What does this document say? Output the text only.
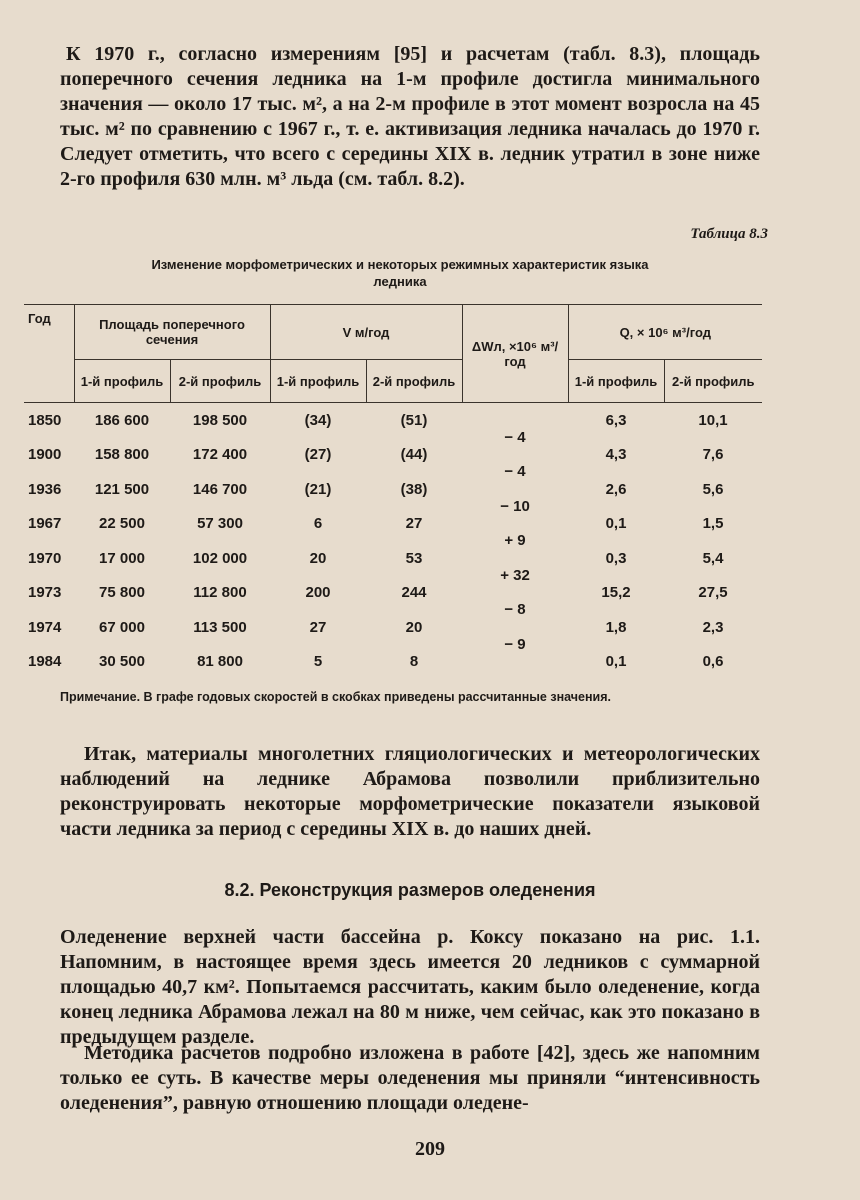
К 1970 г., согласно измерениям [95] и расчетам (табл. 8.3), площадь поперечного сечения ледника на 1-м профиле достигла минимального значения — около 17 тыс. м², а на 2-м профиле в этот момент возросла на 45 тыс. м² по сравнению с 1967 г., т. е. активизация ледника началась до 1970 г. Следует отметить, что всего с середины XIX в. ледник утратил в зоне ниже 2-го профиля 630 млн. м³ льда (см. табл. 8.2).

Таблица 8.3
Изменение морфометрических и некоторых режимных характеристик языка ледника
Год	Площадь поперечного сечения		V м/год		ΔWл, ×10⁶ м³/год	Q, × 10⁶ м³/год	
	1-й профиль	2-й профиль	1-й профиль	2-й профиль		1-й профиль	2-й профиль
1850	186 600	198 500	(34)	(51)	− 4	6,3	10,1
1900	158 800	172 400	(27)	(44)	− 4	4,3	7,6
1936	121 500	146 700	(21)	(38)	− 10	2,6	5,6
1967	22 500	57 300	6	27	+ 9	0,1	1,5
1970	17 000	102 000	20	53	+ 32	0,3	5,4
1973	75 800	112 800	200	244	− 8	15,2	27,5
1974	67 000	113 500	27	20	− 9	1,8	2,3
1984	30 500	81 800	5	8		0,1	0,6
Примечание. В графе годовых скоростей в скобках приведены рассчитанные значения.

Итак, материалы многолетних гляциологических и метеорологических наблюдений на леднике Абрамова позволили приблизительно реконструировать некоторые морфометрические показатели языковой части ледника за период с середины XIX в. до наших дней.

8.2. Реконструкция размеров оледенения

Оледенение верхней части бассейна р. Коксу показано на рис. 1.1. Напомним, в настоящее время здесь имеется 20 ледников с суммарной площадью 40,7 км². Попытаемся рассчитать, каким было оледенение, когда конец ледника Абрамова лежал на 80 м ниже, чем сейчас, как это показано в предыдущем разделе.

Методика расчетов подробно изложена в работе [42], здесь же напомним только ее суть. В качестве меры оледенения мы приняли “интенсивность оледенения”, равную отношению площади оледене-

209
